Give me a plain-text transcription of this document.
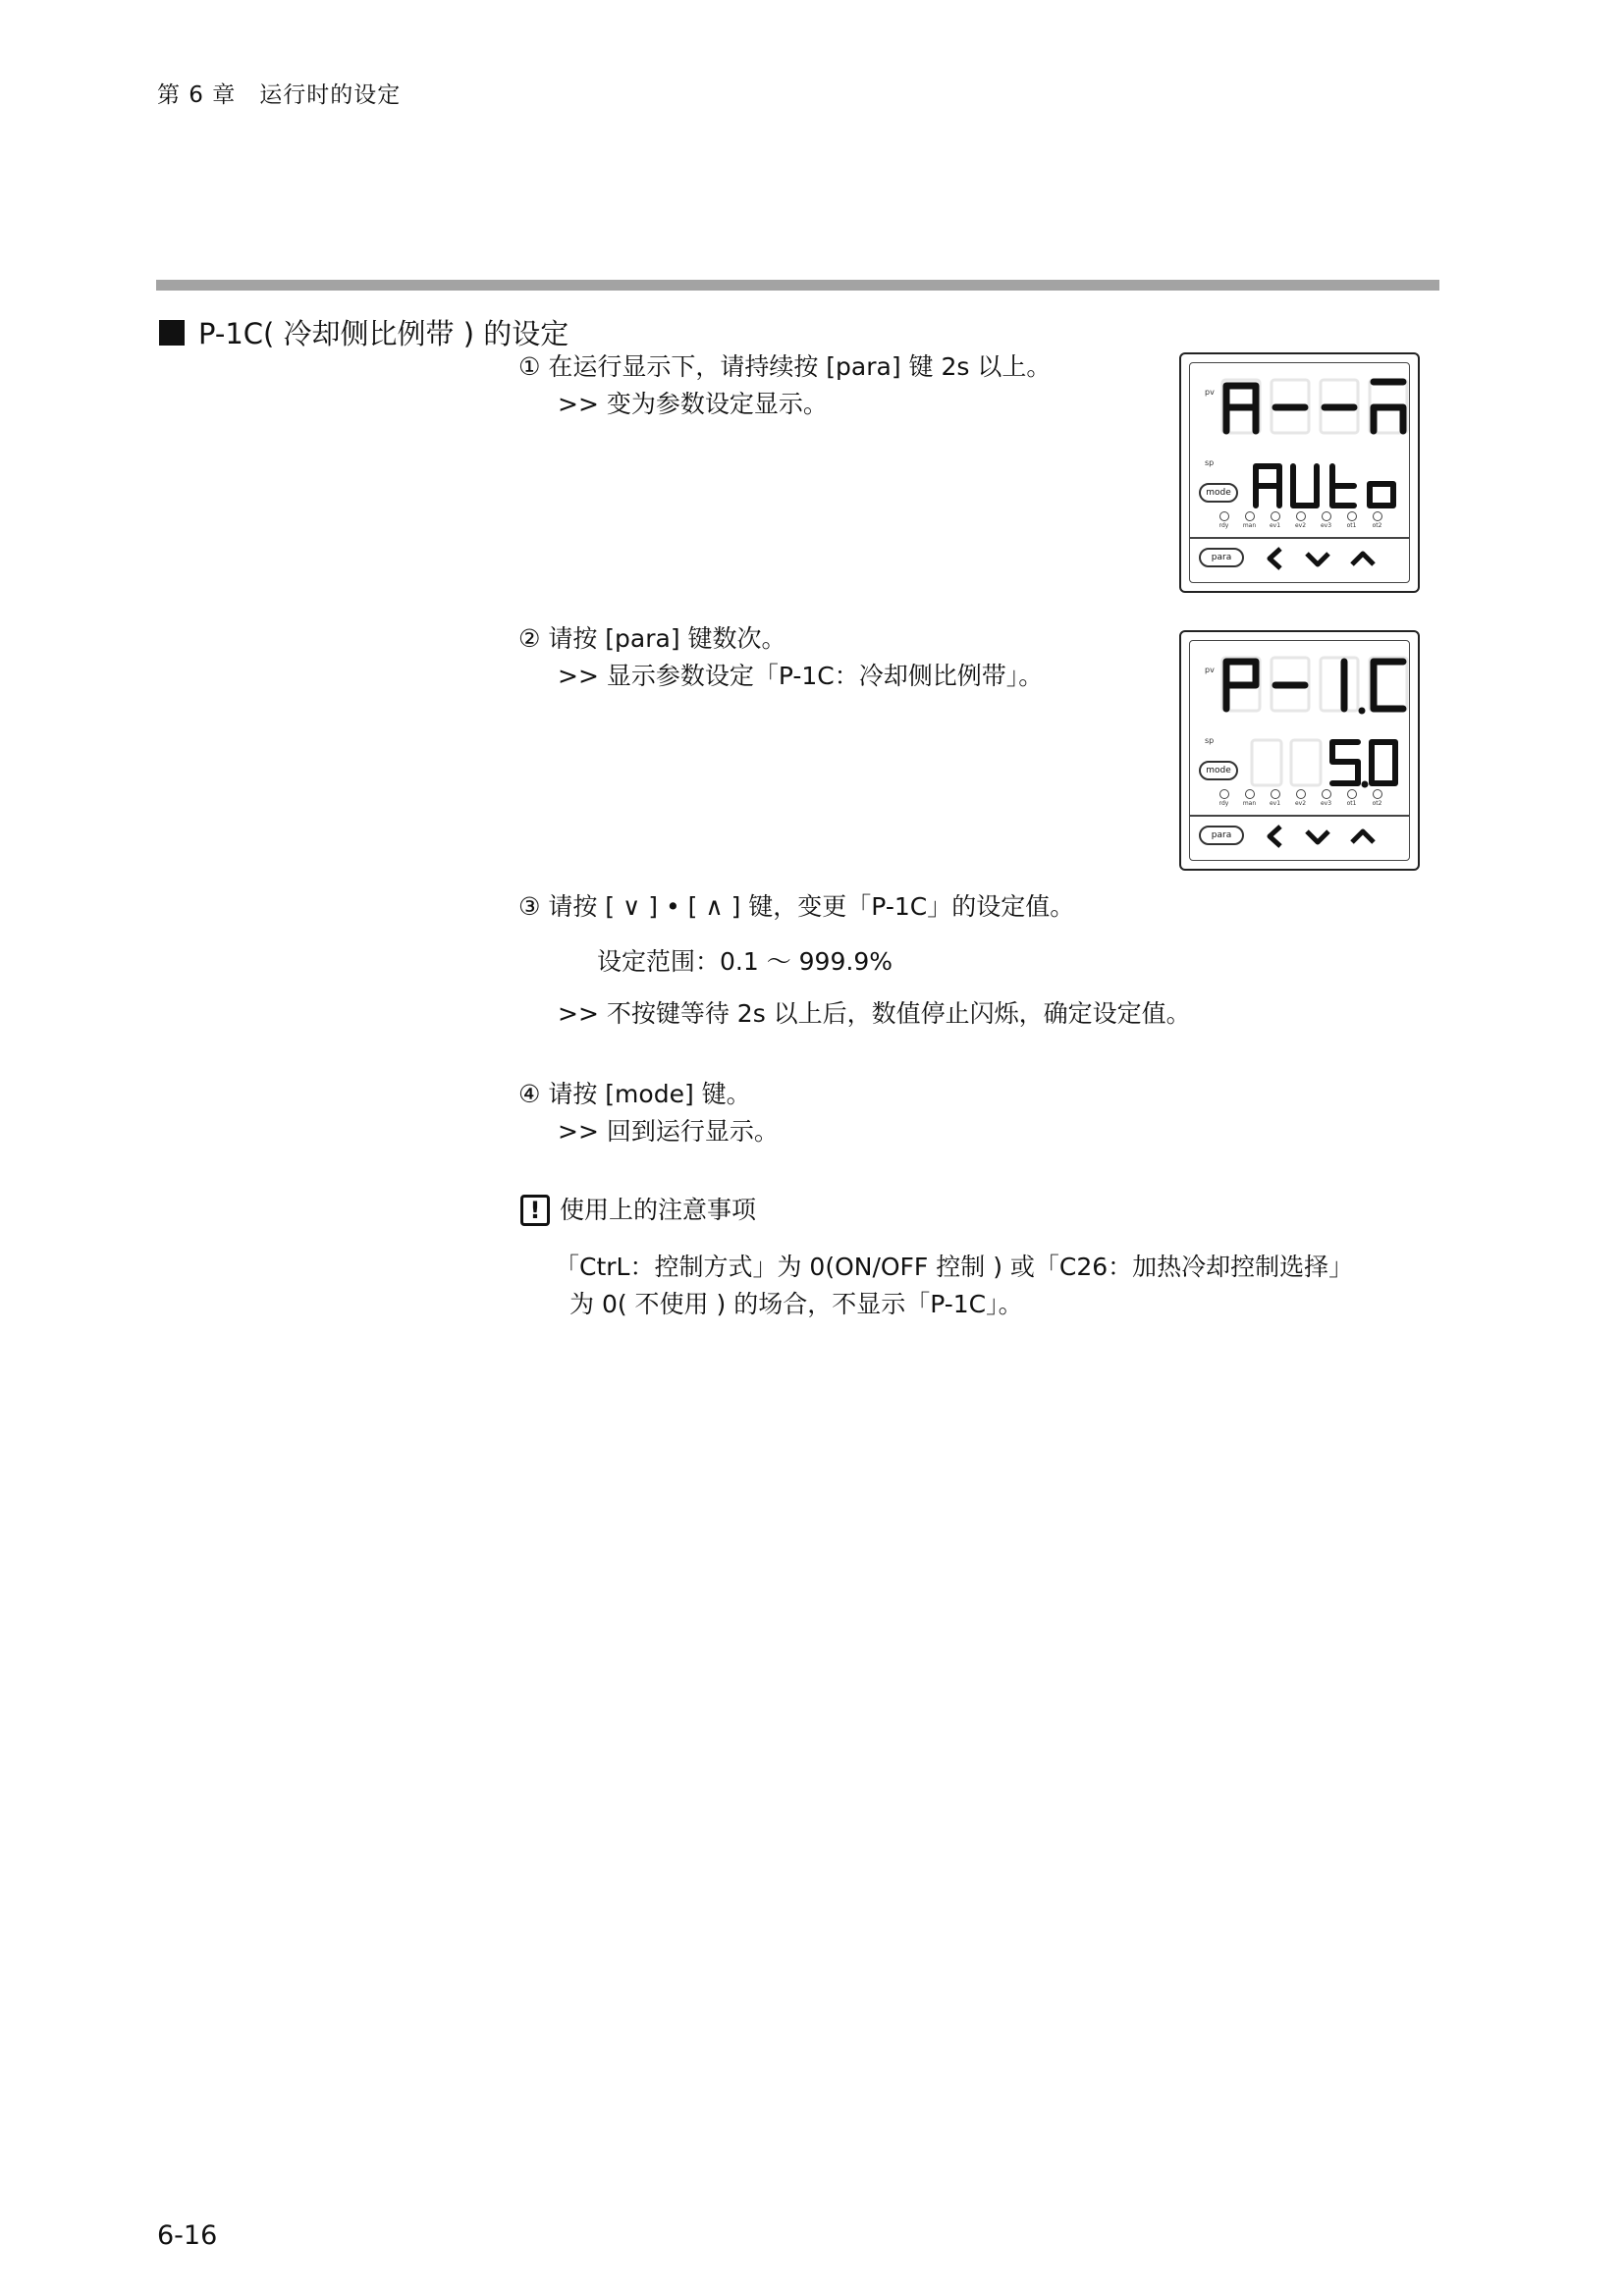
第 6 章　运行时的设定
P-1C( 冷却侧比例带 ) 的设定
① 在运行显示下，请持续按 [para] 键 2s 以上。
>> 变为参数设定显示。
② 请按 [para] 键数次。
>> 显示参数设定「P-1C：冷却侧比例带」。
③ 请按 [ ∨ ] • [ ∧ ] 键，变更「P-1C」的设定值。
设定范围：0.1 ～ 999.9%
>> 不按键等待 2s 以上后，数值停止闪烁，确定设定值。
④ 请按 [mode] 键。
>> 回到运行显示。
! 使用上的注意事项
「CtrL：控制方式」为 0(ON/OFF 控制 ) 或「C26：加热冷却控制选择」
为 0( 不使用 ) 的场合，不显示「P-1C」。
pv
sp
mode
rdy man ev1 ev2 ev3	ot1	ot2
para
pv
sp
mode
rdy man ev1 ev2 ev3	ot1	ot2
para
6-16
